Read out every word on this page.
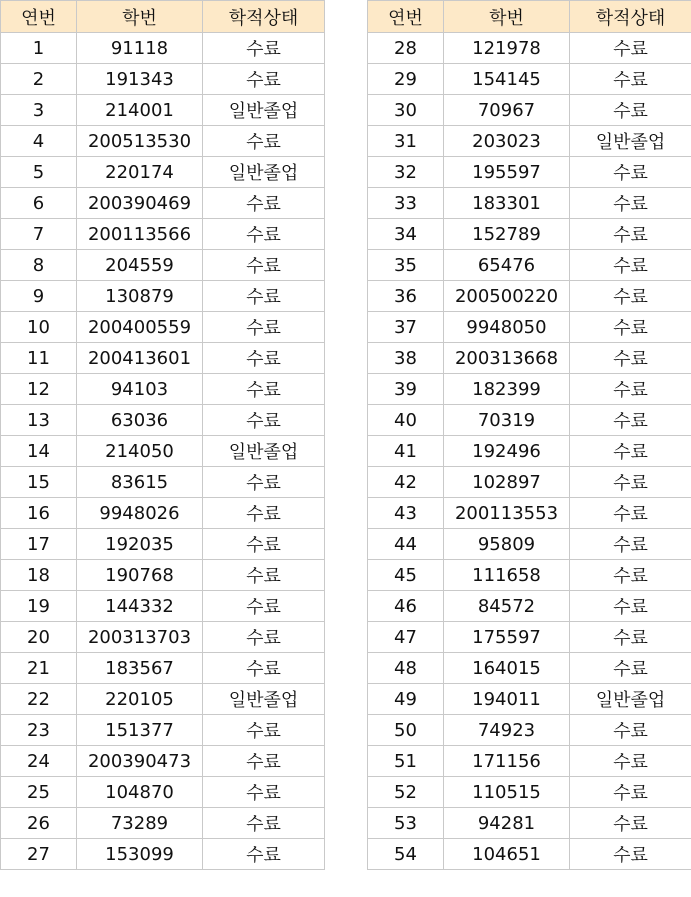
연번	학번	학적상태
1	91118	수료
2	191343	수료
3	214001	일반졸업
4	200513530	수료
5	220174	일반졸업
6	200390469	수료
7	200113566	수료
8	204559	수료
9	130879	수료
10	200400559	수료
11	200413601	수료
12	94103	수료
13	63036	수료
14	214050	일반졸업
15	83615	수료
16	9948026	수료
17	192035	수료
18	190768	수료
19	144332	수료
20	200313703	수료
21	183567	수료
22	220105	일반졸업
23	151377	수료
24	200390473	수료
25	104870	수료
26	73289	수료
27	153099	수료
연번	학번	학적상태
28	121978	수료
29	154145	수료
30	70967	수료
31	203023	일반졸업
32	195597	수료
33	183301	수료
34	152789	수료
35	65476	수료
36	200500220	수료
37	9948050	수료
38	200313668	수료
39	182399	수료
40	70319	수료
41	192496	수료
42	102897	수료
43	200113553	수료
44	95809	수료
45	111658	수료
46	84572	수료
47	175597	수료
48	164015	수료
49	194011	일반졸업
50	74923	수료
51	171156	수료
52	110515	수료
53	94281	수료
54	104651	수료
